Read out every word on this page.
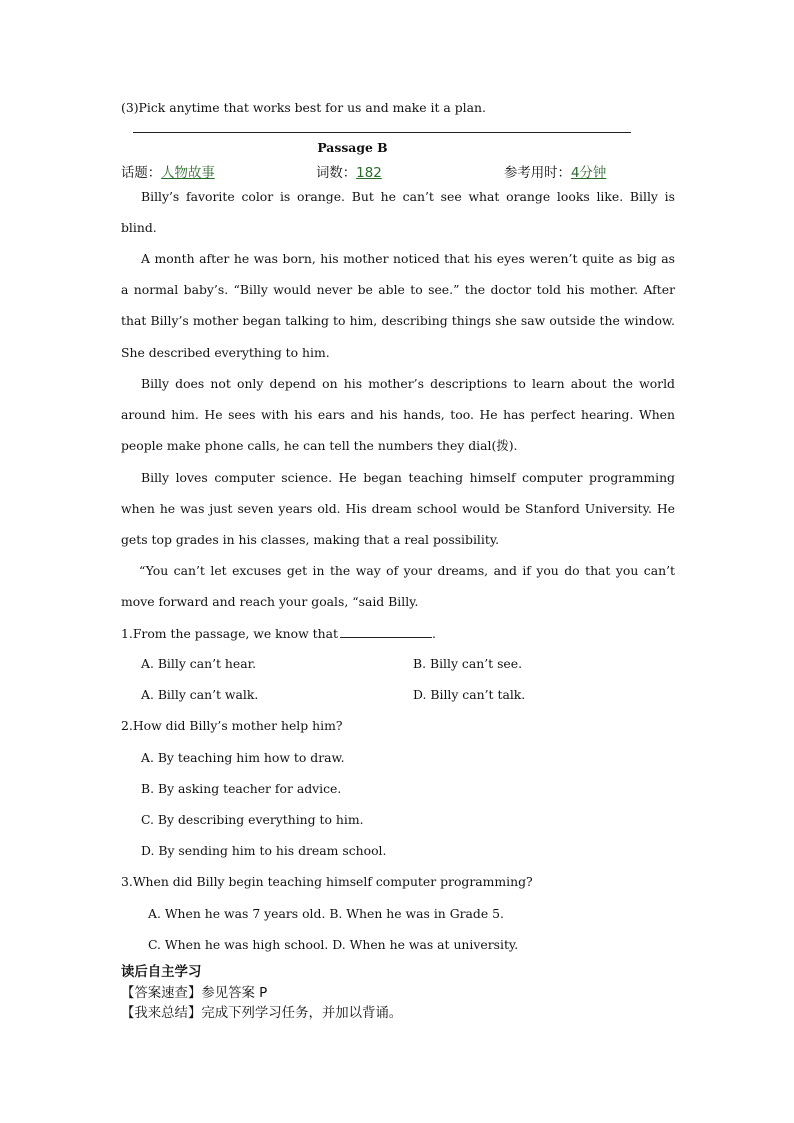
(3)Pick anytime that works best for us and make it a plan.
Passage B
话题：人物故事	词数：182	参考用时：4分钟
Billy’s favorite color is orange. But he can’t see what orange looks like. Billy is blind.
A month after he was born, his mother noticed that his eyes weren’t quite as big as a normal baby’s. “Billy would never be able to see.” the doctor told his mother. After that Billy’s mother began talking to him, describing things she saw outside the window. She described everything to him.
Billy does not only depend on his mother’s descriptions to learn about the world around him. He sees with his ears and his hands, too. He has perfect hearing. When people make phone calls, he can tell the numbers they dial(拨).
Billy loves computer science. He began teaching himself computer programming when he was just seven years old. His dream school would be Stanford University. He gets top grades in his classes, making that a real possibility.
“You can’t let excuses get in the way of your dreams, and if you do that you can’t move forward and reach your goals, “said Billy.
1.From the passage, we know that	.
A. Billy can’t hear.	B. Billy can’t see.
A. Billy can’t walk.	D. Billy can’t talk.
2.How did Billy’s mother help him?
A. By teaching him how to draw.
B. By asking teacher for advice.
C. By describing everything to him.
D. By sending him to his dream school.
3.When did Billy begin teaching himself computer programming?
A. When he was 7 years old. B. When he was in Grade 5.
C. When he was high school. D. When he was at university.
读后自主学习
【答案速查】参见答案 P
【我来总结】完成下列学习任务，并加以背诵。
